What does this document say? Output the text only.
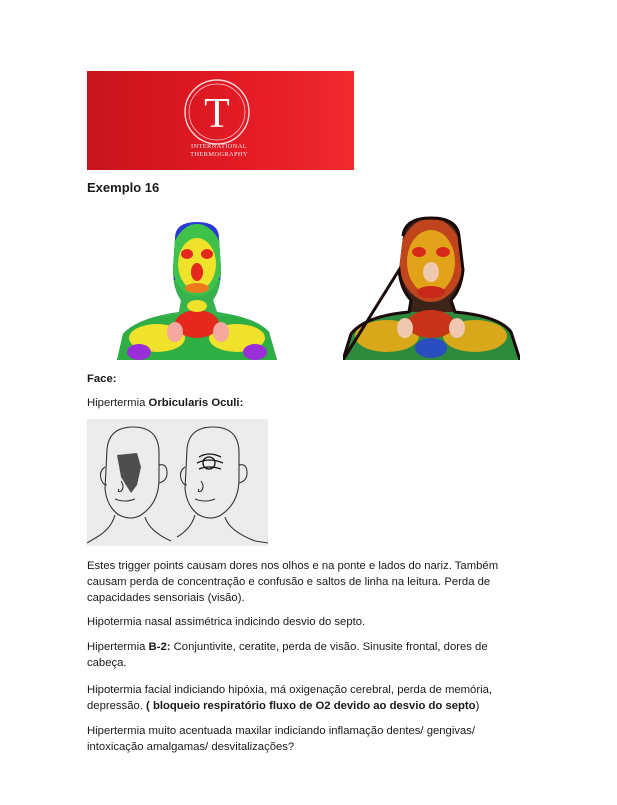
T
INTERNATIONAL
THERMOGRAPHY
Exemplo 16

Face:

Hipertermia Orbicularis Oculi:

Estes trigger points causam dores nos olhos e na ponte e lados do nariz. Também causam perda de concentração e confusão e saltos de linha na leitura. Perda de capacidades sensoriais (visão).

Hipotermia nasal assimétrica indicindo desvio do septo.

Hipertermia B-2: Conjuntivite, ceratite, perda de visão. Sinusite frontal, dores de cabeça.

Hipotermia facial indiciando hipóxia, má oxigenação cerebral, perda de memória, depressão. ( bloqueio respiratório fluxo de O2 devido ao desvio do septo)

Hipertermia muito acentuada maxilar indiciando inflamação dentes/ gengivas/ intoxicação amalgamas/ desvitalizações?
